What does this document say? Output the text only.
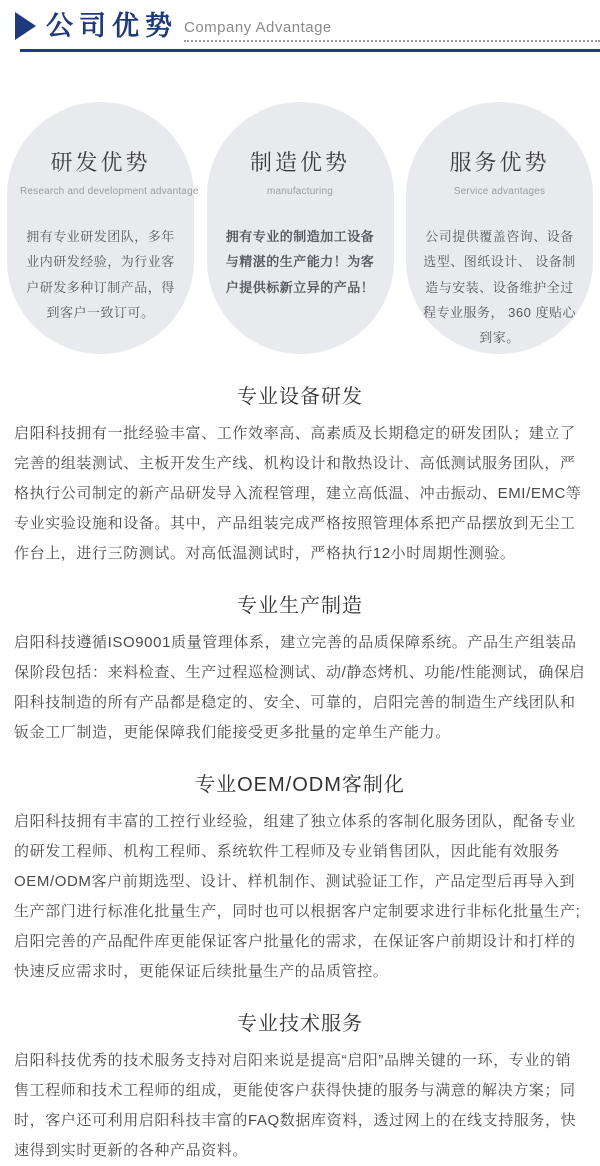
公司优势 Company Advantage
研发优势
Research and development advantage
拥有专业研发团队，多年业内研发经验，为行业客户研发多种订制产品，得到客户一致订可。
制造优势
manufacturing
拥有专业的制造加工设备与精湛的生产能力！为客户提供标新立异的产品！
服务优势
Service advantages
公司提供覆盖咨询、设备选型、图纸设计、 设备制造与安装、设备维护全过程专业服务， 360 度贴心到家。
专业设备研发
启阳科技拥有一批经验丰富、工作效率高、高素质及长期稳定的研发团队；建立了完善的组装测试、主板开发生产线、机构设计和散热设计、高低测试服务团队，严格执行公司制定的新产品研发导入流程管理，建立高低温、冲击振动、EMI/EMC等专业实验设施和设备。其中，产品组装完成严格按照管理体系把产品摆放到无尘工作台上，进行三防测试。对高低温测试时，严格执行12小时周期性测验。
专业生产制造
启阳科技遵循ISO9001质量管理体系，建立完善的品质保障系统。产品生产组装品保阶段包括：来料检查、生产过程巡检测试、动/静态烤机、功能/性能测试，确保启阳科技制造的所有产品都是稳定的、安全、可靠的，启阳完善的制造生产线团队和钣金工厂制造，更能保障我们能接受更多批量的定单生产能力。
专业OEM/ODM客制化
启阳科技拥有丰富的工控行业经验，组建了独立体系的客制化服务团队，配备专业的研发工程师、机构工程师、系统软件工程师及专业销售团队，因此能有效服务OEM/ODM客户前期选型、设计、样机制作、测试验证工作，产品定型后再导入到生产部门进行标准化批量生产，同时也可以根据客户定制要求进行非标化批量生产;启阳完善的产品配件库更能保证客户批量化的需求，在保证客户前期设计和打样的快速反应需求时，更能保证后续批量生产的品质管控。
专业技术服务
启阳科技优秀的技术服务支持对启阳来说是提高“启阳”品牌关键的一环，专业的销售工程师和技术工程师的组成，更能使客户获得快捷的服务与满意的解决方案；同时，客户还可利用启阳科技丰富的FAQ数据库资料，透过网上的在线支持服务，快速得到实时更新的各种产品资料。
